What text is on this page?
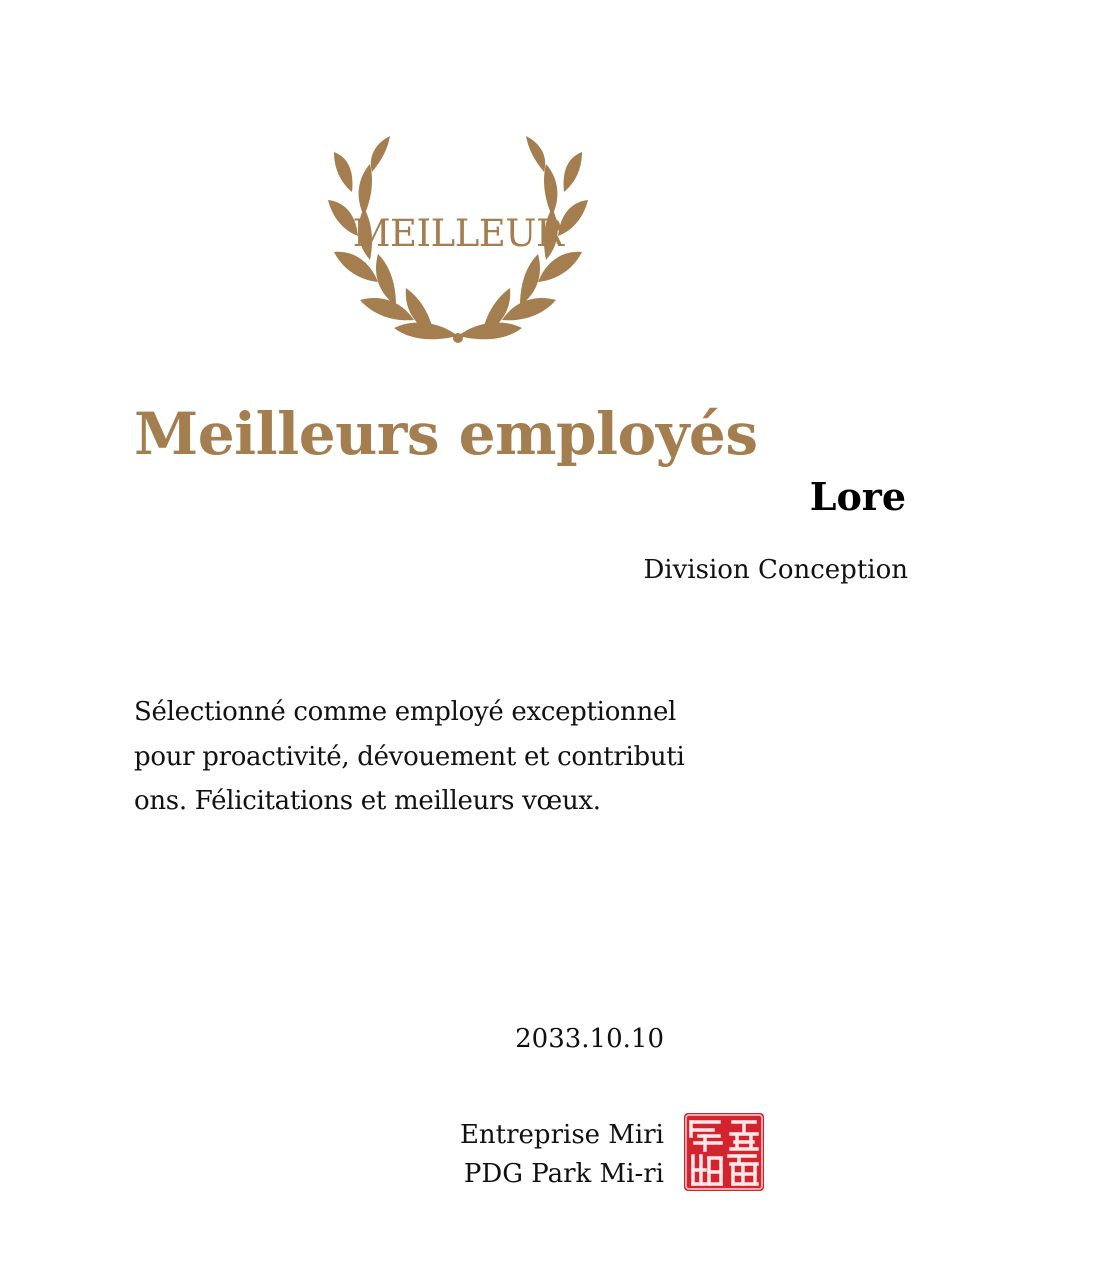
MEILLEUR
Meilleurs employés
Lore
Division Conception
Sélectionné comme employé exceptionnel pour proactivité, dévouement et contributions. Félicitations et meilleurs vœux.
2033.10.10
Entreprise Miri
PDG Park Mi-ri
